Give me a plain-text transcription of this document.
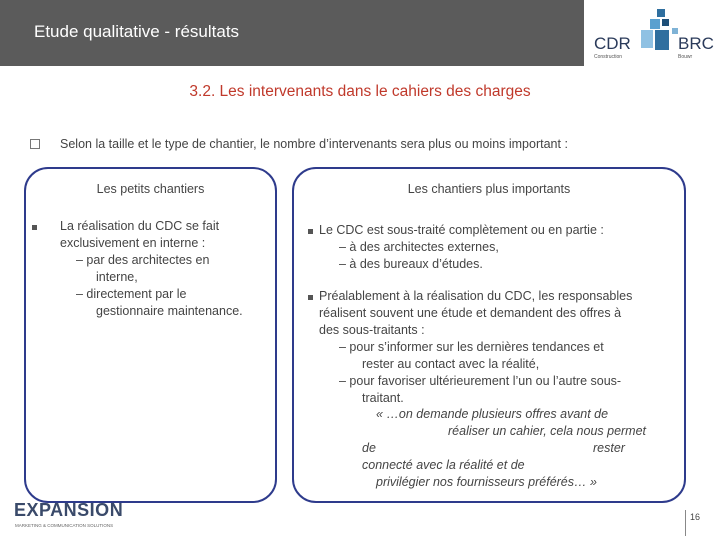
Etude qualitative - résultats
CDR
Construction
BRC
Bouwr
3.2. Les intervenants dans le cahiers des charges
Selon la taille et le type de chantier, le nombre d’intervenants sera plus ou moins important :
Les petits chantiers
La réalisation du CDC se fait
exclusivement en interne :
– par des architectes en
interne,
– directement par le
gestionnaire maintenance.
Les chantiers plus importants
Le CDC est sous-traité complètement ou en partie :
– à des architectes externes,
– à des bureaux d’études.
Préalablement à la réalisation du CDC, les responsables
réalisent souvent une étude et demandent des offres à
des sous-traitants :
– pour s’informer sur les dernières tendances et
rester au contact avec la réalité,
– pour favoriser ultérieurement l’un ou l’autre sous-
traitant.
« …on demande plusieurs offres avant de
réaliser un cahier, cela nous permet
de	rester
connecté avec la réalité et de
privilégier nos fournisseurs préférés… »
EXPANSION
MARKETING & COMMUNICATION SOLUTIONS
16
